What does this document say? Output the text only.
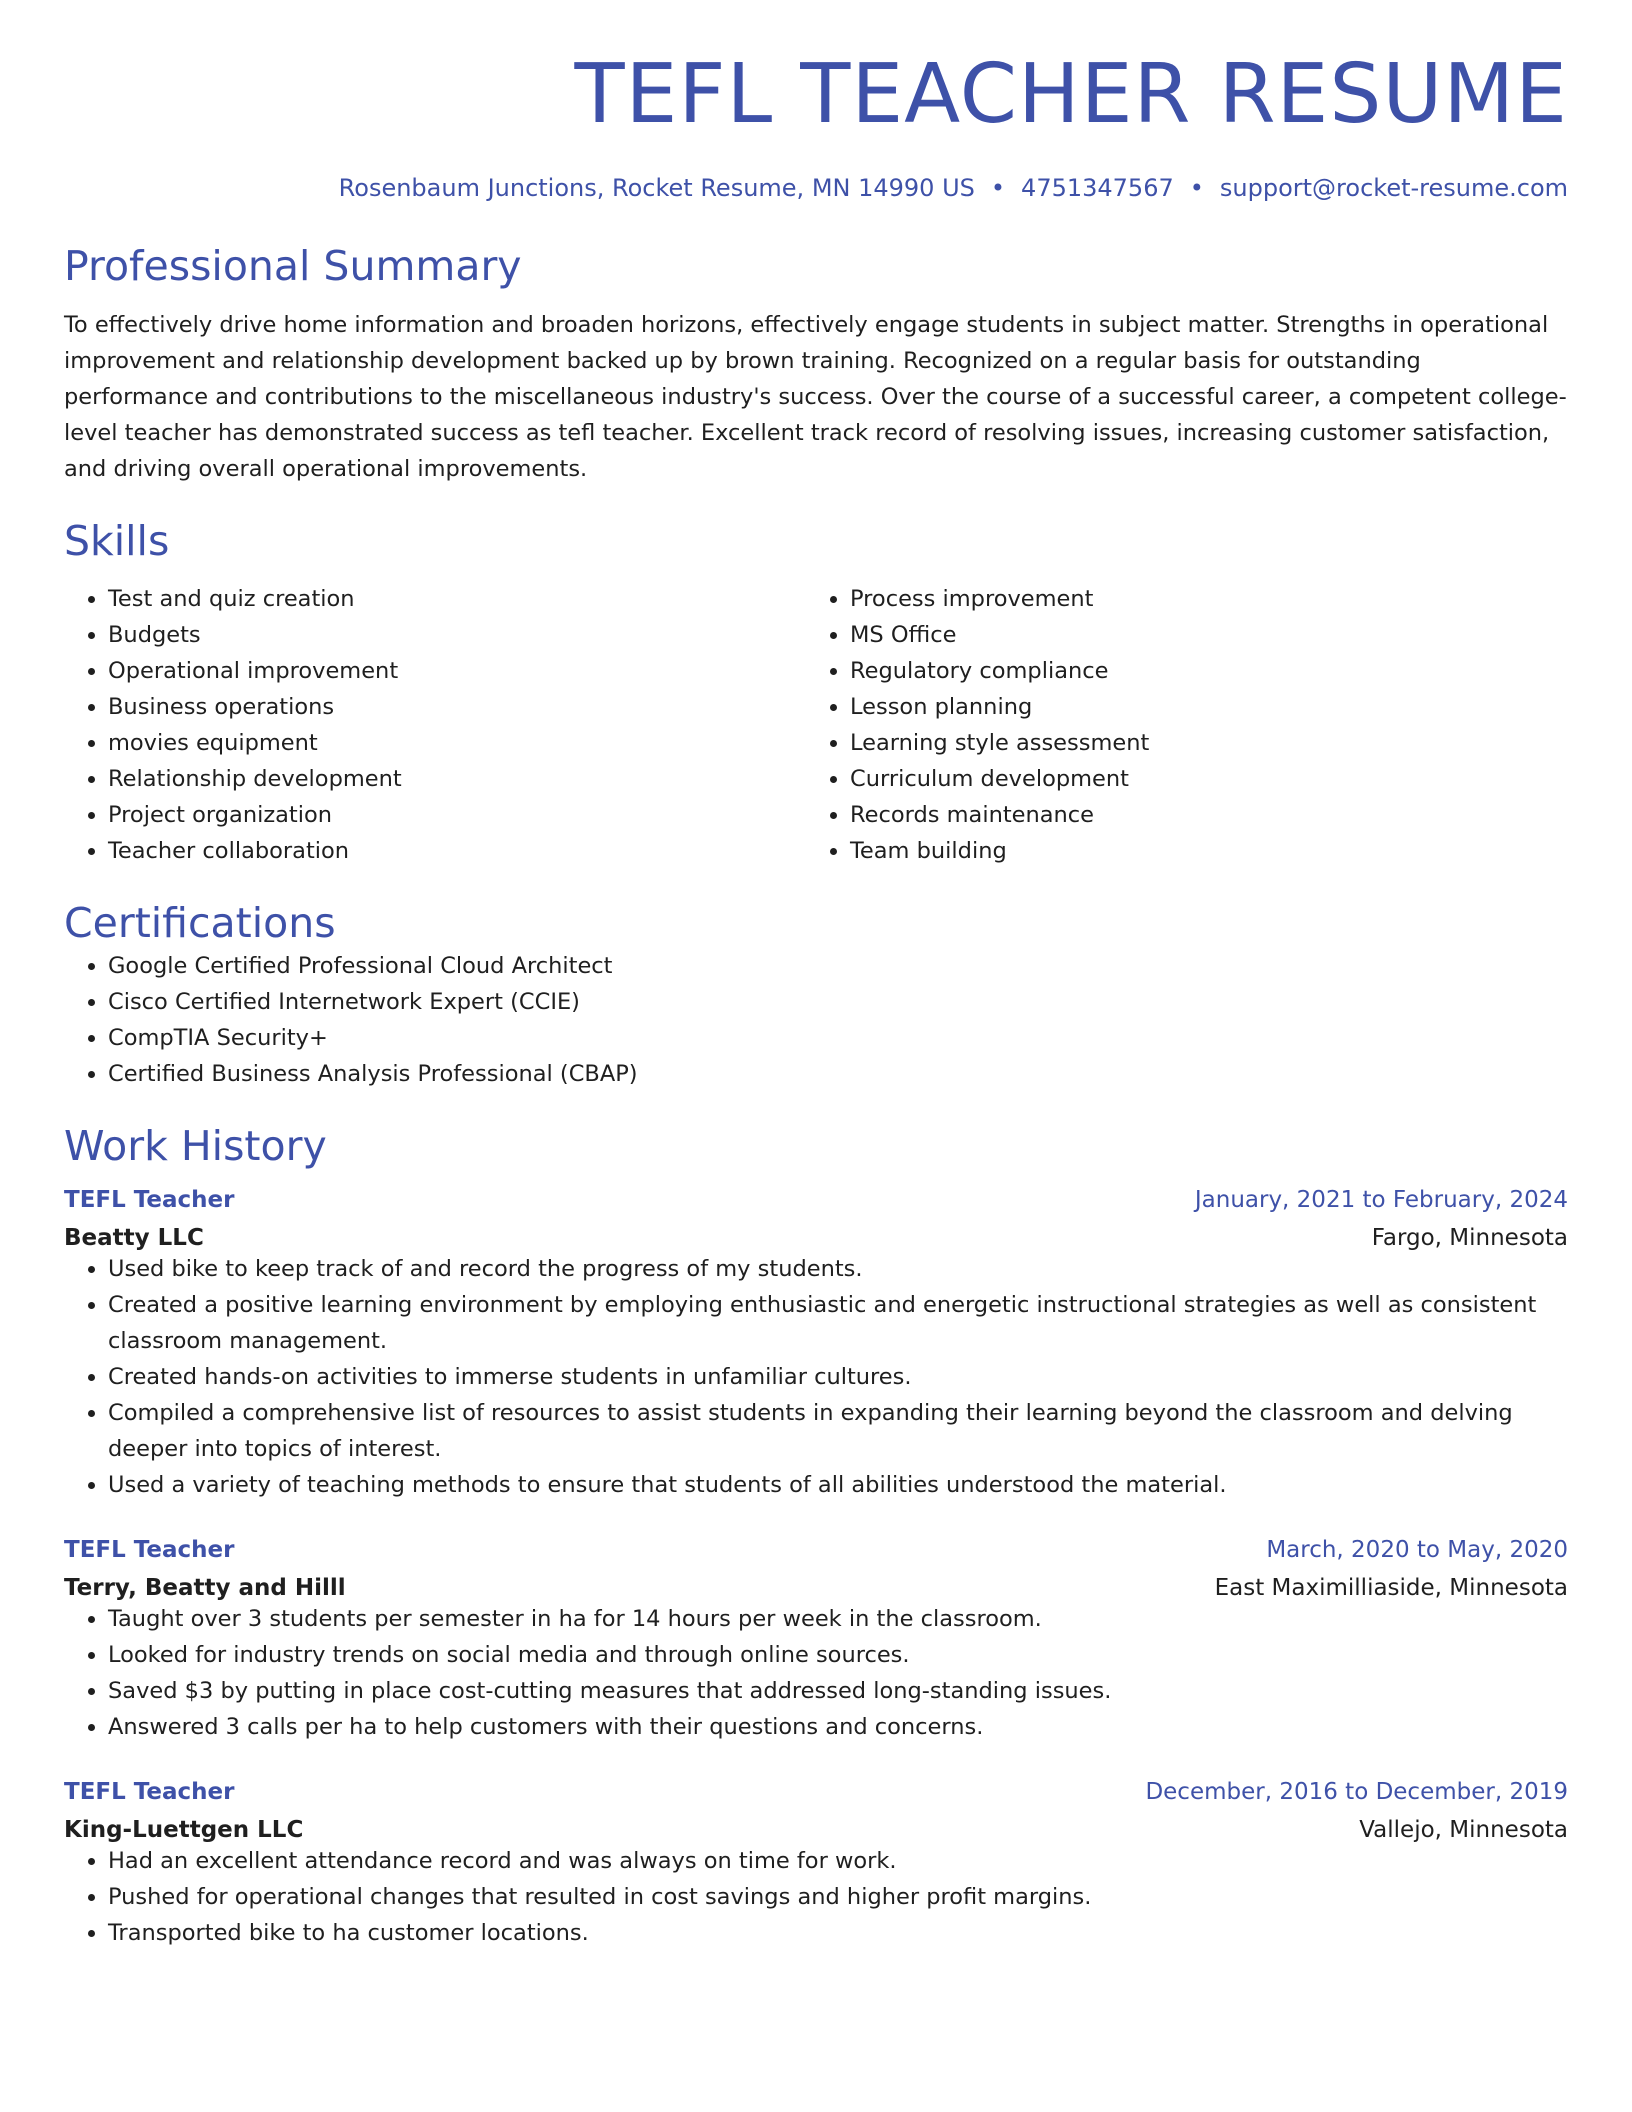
TEFL TEACHER RESUME
Rosenbaum Junctions, Rocket Resume, MN 14990 US • 4751347567 • support@rocket-resume.com
Professional Summary
To effectively drive home information and broaden horizons, effectively engage students in subject matter. Strengths in operational improvement and relationship development backed up by brown training. Recognized on a regular basis for outstanding performance and contributions to the miscellaneous industry's success. Over the course of a successful career, a competent college-level teacher has demonstrated success as tefl teacher. Excellent track record of resolving issues, increasing customer satisfaction, and driving overall operational improvements.
Skills
• Test and quiz creation
• Budgets
• Operational improvement
• Business operations
• movies equipment
• Relationship development
• Project organization
• Teacher collaboration
• Process improvement
• MS Office
• Regulatory compliance
• Lesson planning
• Learning style assessment
• Curriculum development
• Records maintenance
• Team building
Certifications
• Google Certified Professional Cloud Architect
• Cisco Certified Internetwork Expert (CCIE)
• CompTIA Security+
• Certified Business Analysis Professional (CBAP)
Work History
TEFL Teacher	January, 2021 to February, 2024
Beatty LLC	Fargo, Minnesota
• Used bike to keep track of and record the progress of my students.
• Created a positive learning environment by employing enthusiastic and energetic instructional strategies as well as consistent classroom management.
• Created hands-on activities to immerse students in unfamiliar cultures.
• Compiled a comprehensive list of resources to assist students in expanding their learning beyond the classroom and delving deeper into topics of interest.
• Used a variety of teaching methods to ensure that students of all abilities understood the material.
TEFL Teacher	March, 2020 to May, 2020
Terry, Beatty and Hilll	East Maximilliaside, Minnesota
• Taught over 3 students per semester in ha for 14 hours per week in the classroom.
• Looked for industry trends on social media and through online sources.
• Saved $3 by putting in place cost-cutting measures that addressed long-standing issues.
• Answered 3 calls per ha to help customers with their questions and concerns.
TEFL Teacher	December, 2016 to December, 2019
King-Luettgen LLC	Vallejo, Minnesota
• Had an excellent attendance record and was always on time for work.
• Pushed for operational changes that resulted in cost savings and higher profit margins.
• Transported bike to ha customer locations.
